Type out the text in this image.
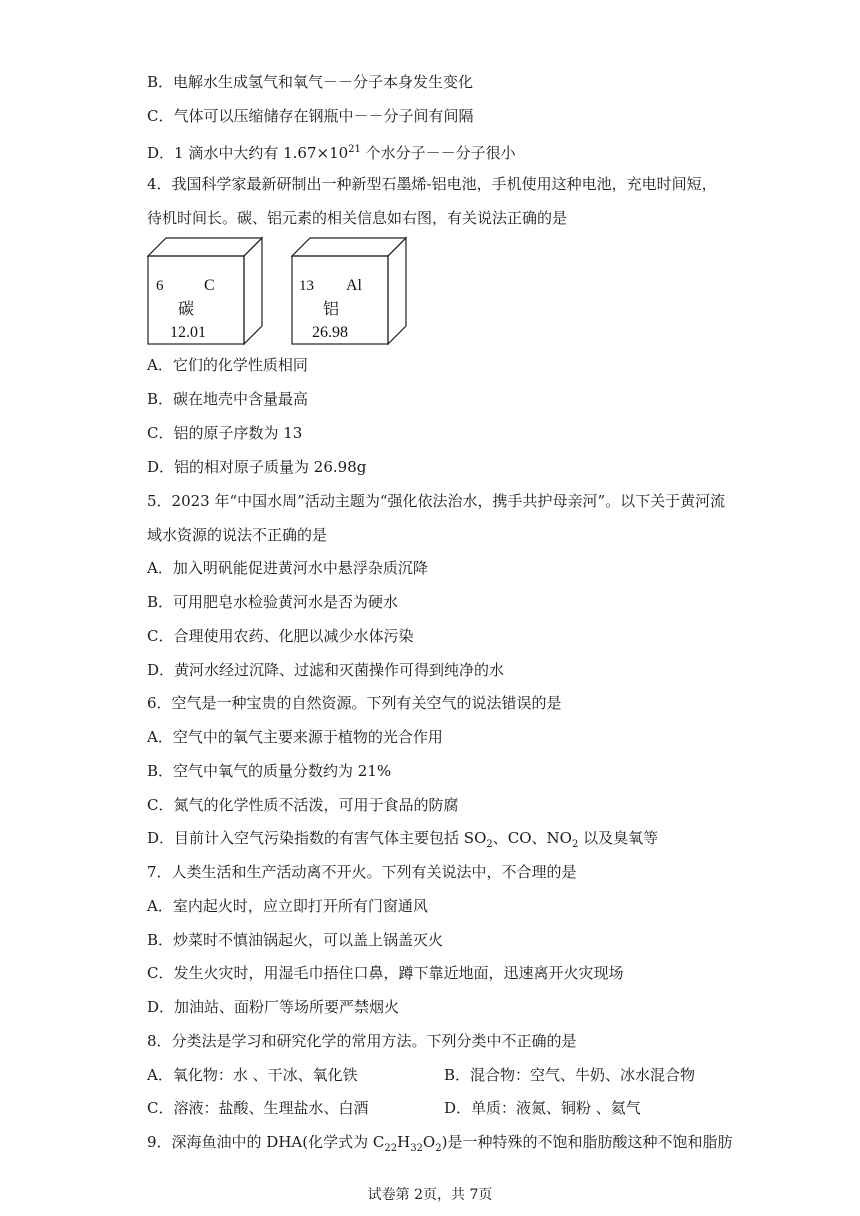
B．电解水生成氢气和氧气－－分子本身发生变化
C．气体可以压缩储存在钢瓶中－－分子间有间隔
D．1 滴水中大约有 $1.67\times 10^{21}$ 个水分子－－分子很小
4．我国科学家最新研制出一种新型石墨烯-铝电池，手机使用这种电池，充电时间短，
待机时间长。碳、铝元素的相关信息如右图，有关说法正确的是
6	C
碳
12.01
13 Al
铝
26.98
A．它们的化学性质相同
B．碳在地壳中含量最高
C．铝的原子序数为 13
D．铝的相对原子质量为 26.98g
5．2023 年“中国水周”活动主题为“强化依法治水，携手共护母亲河”。以下关于黄河流
域水资源的说法不正确的是
A．加入明矾能促进黄河水中悬浮杂质沉降
B．可用肥皂水检验黄河水是否为硬水
C．合理使用农药、化肥以减少水体污染
D．黄河水经过沉降、过滤和灭菌操作可得到纯净的水
6．空气是一种宝贵的自然资源。下列有关空气的说法错误的是
A．空气中的氧气主要来源于植物的光合作用
B．空气中氧气的质量分数约为 21%
C．氮气的化学性质不活泼，可用于食品的防腐
D．目前计入空气污染指数的有害气体主要包括 $SO_2$、CO、$NO_2$ 以及臭氧等
7．人类生活和生产活动离不开火。下列有关说法中，不合理的是
A．室内起火时，应立即打开所有门窗通风
B．炒菜时不慎油锅起火，可以盖上锅盖灭火
C．发生火灾时，用湿毛巾捂住口鼻，蹲下靠近地面，迅速离开火灾现场
D．加油站、面粉厂等场所要严禁烟火
8．分类法是学习和研究化学的常用方法。下列分类中不正确的是
A．氧化物：水 、干冰、氧化铁	B．混合物：空气、牛奶、冰水混合物
C．溶液：盐酸、生理盐水、白酒	D．单质：液氮、铜粉 、氦气
9．深海鱼油中的 DHA(化学式为 $C_{22}H_{32}O_2$)是一种特殊的不饱和脂肪酸这种不饱和脂肪
试卷第 2页，共 7页
